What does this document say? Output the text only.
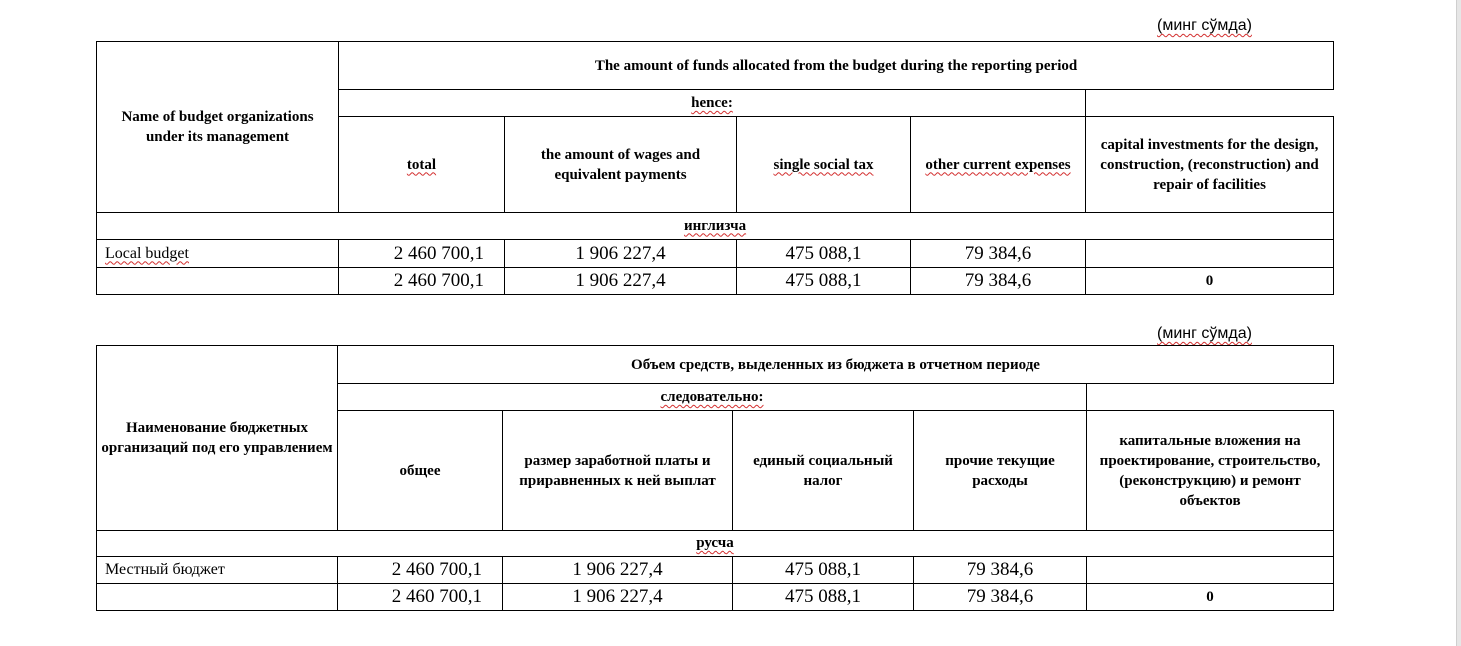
(минг сўмда)
Name of budget organizations under its management	The amount of funds allocated from the budget during the reporting period				
	hence:				
	total	the amount of wages and equivalent payments	single social tax	other current expenses	capital investments for the design, construction, (reconstruction) and repair of facilities
инглизча					
Local budget	2 460 700,1	1 906 227,4	475 088,1	79 384,6	
	2 460 700,1	1 906 227,4	475 088,1	79 384,6	0
(минг сўмда)
Наименование бюджетных организаций под его управлением	Объем средств, выделенных из бюджета в отчетном периоде				
	следовательно:				
	общее	размер заработной платы и приравненных к ней выплат	единый социальный налог	прочие текущие расходы	капитальные вложения на проектирование, строительство, (реконструкцию) и ремонт объектов
русча					
Местный бюджет	2 460 700,1	1 906 227,4	475 088,1	79 384,6	
	2 460 700,1	1 906 227,4	475 088,1	79 384,6	0
